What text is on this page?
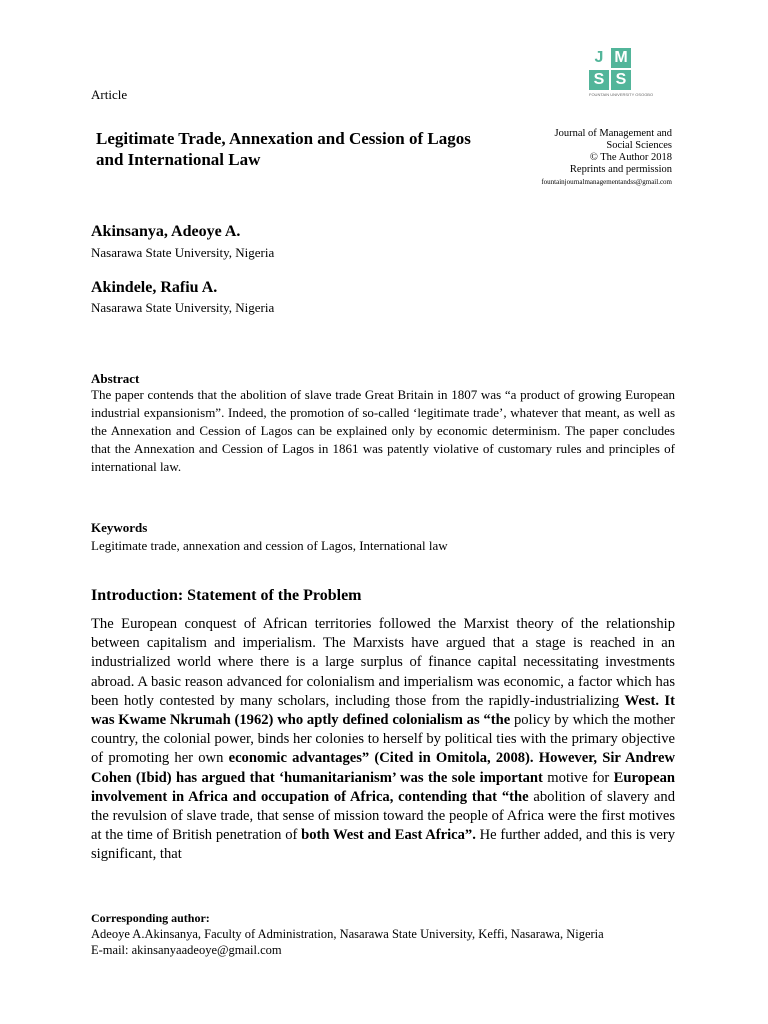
Article
J M
S S
FOUNTAIN UNIVERSITY OSOGBO
Legitimate Trade, Annexation and Cession of Lagos and International Law
Journal of Management and
Social Sciences
© The Author 2018
Reprints and permission
fountainjournalmanagementandss@gmail.com
Akinsanya, Adeoye A.
Nasarawa State University, Nigeria
Akindele, Rafiu A.
Nasarawa State University, Nigeria
Abstract
The paper contends that the abolition of slave trade Great Britain in 1807 was “a product of growing European industrial expansionism”. Indeed, the promotion of so-called ‘legitimate trade’, whatever that meant, as well as the Annexation and Cession of Lagos can be explained only by economic determinism. The paper concludes that the Annexation and Cession of Lagos in 1861 was patently violative of customary rules and principles of international law.
Keywords
Legitimate trade, annexation and cession of Lagos, International law
Introduction: Statement of the Problem
The European conquest of African territories followed the Marxist theory of the relationship between capitalism and imperialism. The Marxists have argued that a stage is reached in an industrialized world where there is a large surplus of finance capital necessitating investments abroad. A basic reason advanced for colonialism and imperialism was economic, a factor which has been hotly contested by many scholars, including those from the rapidly-industrializing West. It was Kwame Nkrumah (1962) who aptly defined colonialism as “the policy by which the mother country, the colonial power, binds her colonies to herself by political ties with the primary objective of promoting her own economic advantages” (Cited in Omitola, 2008). However, Sir Andrew Cohen (Ibid) has argued that ‘humanitarianism’ was the sole important motive for European involvement in Africa and occupation of Africa, contending that “the abolition of slavery and the revulsion of slave trade, that sense of mission toward the people of Africa were the first motives at the time of British penetration of both West and East Africa”. He further added, and this is very significant, that
Corresponding author:
Adeoye A.Akinsanya, Faculty of Administration, Nasarawa State University, Keffi, Nasarawa, Nigeria
E-mail: akinsanyaadeoye@gmail.com
